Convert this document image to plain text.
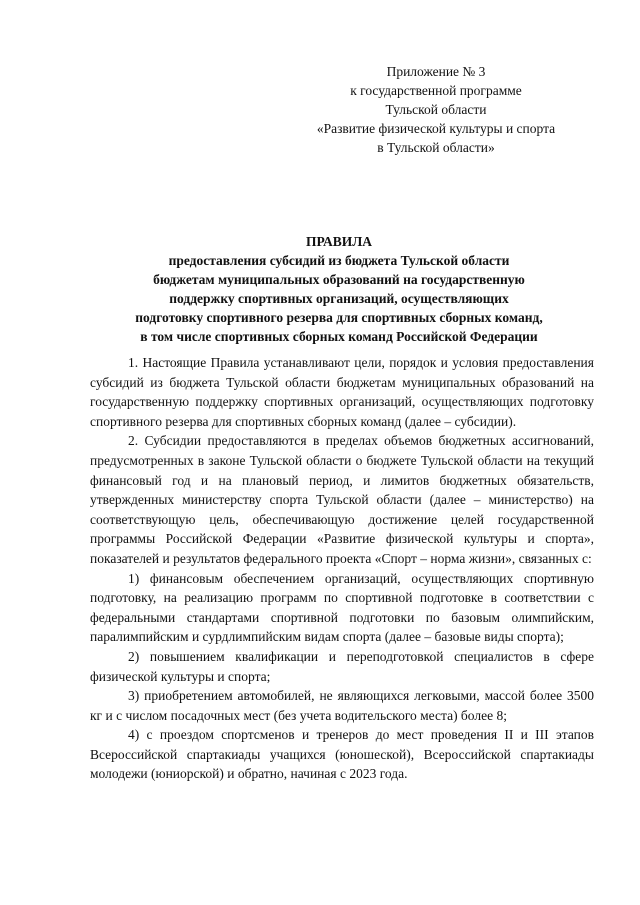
Приложение № 3
к государственной программе
Тульской области
«Развитие физической культуры и спорта
в Тульской области»
ПРАВИЛА
предоставления субсидий из бюджета Тульской области
бюджетам муниципальных образований на государственную
поддержку спортивных организаций, осуществляющих
подготовку спортивного резерва для спортивных сборных команд,
в том числе спортивных сборных команд Российской Федерации

1. Настоящие Правила устанавливают цели, порядок и условия предоставления субсидий из бюджета Тульской области бюджетам муниципальных образований на государственную поддержку спортивных организаций, осуществляющих подготовку спортивного резерва для спортивных сборных команд (далее – субсидии).

2. Субсидии предоставляются в пределах объемов бюджетных ассигнований, предусмотренных в законе Тульской области о бюджете Тульской области на текущий финансовый год и на плановый период, и лимитов бюджетных обязательств, утвержденных министерству спорта Тульской области (далее – министерство) на соответствующую цель, обеспечивающую достижение целей государственной программы Российской Федерации «Развитие физической культуры и спорта», показателей и результатов федерального проекта «Спорт – норма жизни», связанных с:

1) финансовым обеспечением организаций, осуществляющих спортивную подготовку, на реализацию программ по спортивной подготовке в соответствии с федеральными стандартами спортивной подготовки по базовым олимпийским, паралимпийским и сурдлимпийским видам спорта (далее – базовые виды спорта);

2) повышением квалификации и переподготовкой специалистов в сфере физической культуры и спорта;

3) приобретением автомобилей, не являющихся легковыми, массой более 3500 кг и с числом посадочных мест (без учета водительского места) более 8;

4) с проездом спортсменов и тренеров до мест проведения II и III этапов Всероссийской спартакиады учащихся (юношеской), Всероссийской спартакиады молодежи (юниорской) и обратно, начиная с 2023 года.
